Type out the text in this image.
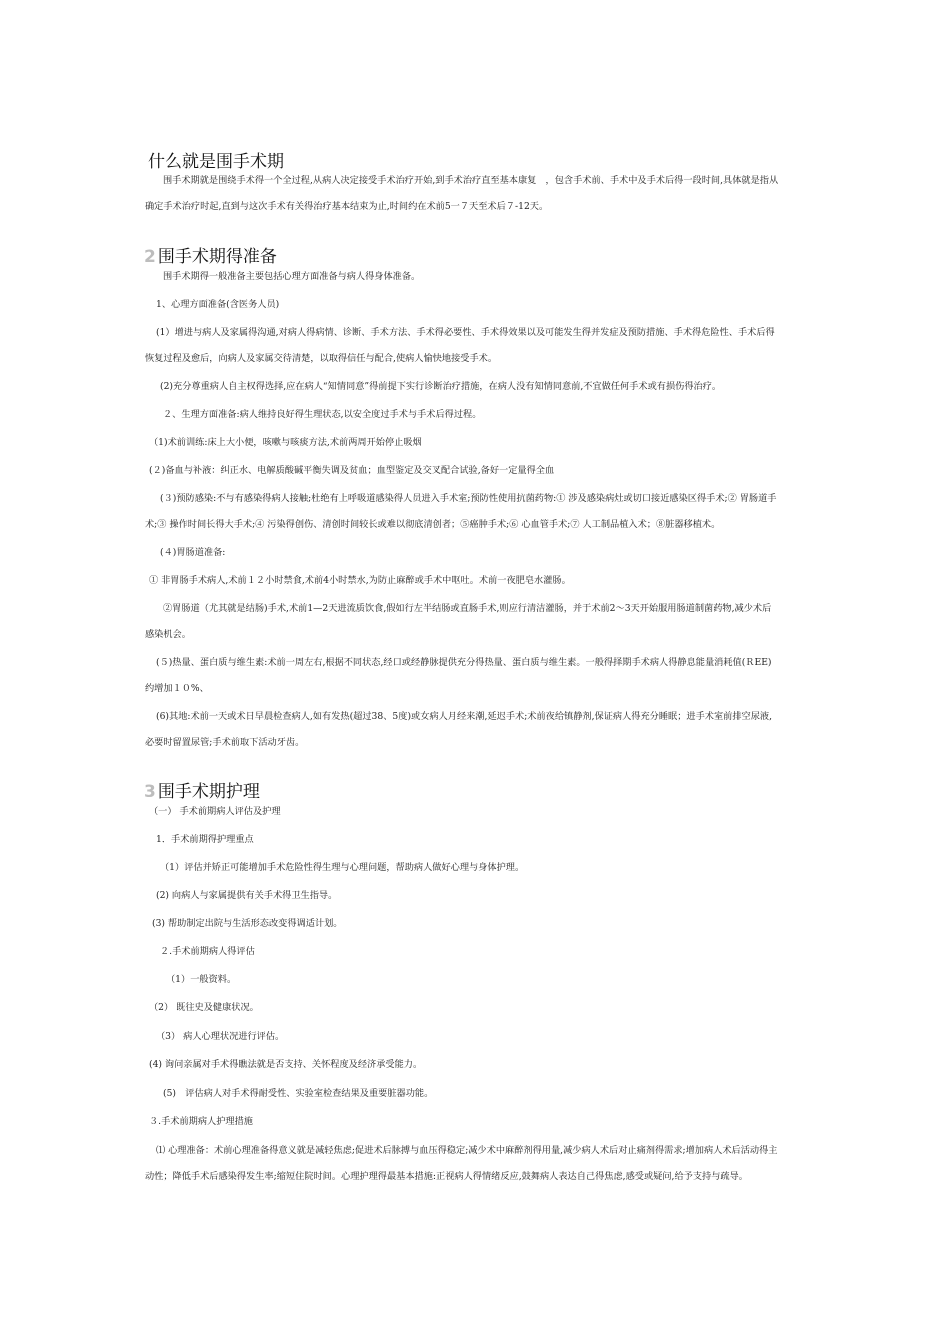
什么就是围手术期
围手术期就是围绕手术得一个全过程,从病人决定接受手术治疗开始,到手术治疗直至基本康复　，包含手术前、手术中及手术后得一段时间,具体就是指从
确定手术治疗时起,直到与这次手术有关得治疗基本结束为止,时间约在术前5一７天至术后７-12天。
2 围手术期得准备
围手术期得一般准备主要包括心理方面准备与病人得身体准备。
1、心理方面准备(含医务人员)
(1）增进与病人及家属得沟通,对病人得病情、诊断、手术方法、手术得必要性、手术得效果以及可能发生得并发症及预防措施、手术得危险性、手术后得
恢复过程及愈后，向病人及家属交待清楚，以取得信任与配合,使病人愉快地接受手术。
(2)充分尊重病人自主权得选择,应在病人“知情同意”得前提下实行诊断治疗措施，在病人没有知情同意前,不宜做任何手术或有损伤得治疗。
２、生理方面准备:病人维持良好得生理状态,以安全度过手术与手术后得过程。
（1)术前训练:床上大小便，咳嗽与咳痰方法,术前两周开始停止吸烟
(２)备血与补液：纠正水、电解质酸碱平衡失调及贫血；血型鉴定及交叉配合试验,备好一定量得全血
(３)预防感染:不与有感染得病人接触;杜绝有上呼吸道感染得人员进入手术室;预防性使用抗菌药物:① 涉及感染病灶或切口接近感染区得手术;② 胃肠道手
术;③ 操作时间长得大手术;④ 污染得创伤、清创时间较长或难以彻底清创者；⑤癌肿手术;⑥ 心血管手术;⑦ 人工制品植入术；⑧脏器移植术。
(４)胃肠道准备:
① 非胃肠手术病人,术前１２小时禁食,术前4小时禁水,为防止麻醉或手术中呕吐。术前一夜肥皂水灌肠。
②胃肠道（尤其就是结肠)手术,术前1—2天进流质饮食,假如行左半结肠或直肠手术,则应行清洁灌肠，并于术前2～3天开始服用肠道制菌药物,减少术后
感染机会。
(５)热量、蛋白质与维生素:术前一周左右,根据不同状态,经口或经静脉提供充分得热量、蛋白质与维生素。一般得择期手术病人得静息能量消耗值(ＲEE)
约增加１０%、
(6)其地:术前一天或术日早晨检查病人,如有发热(超过38、5度)或女病人月经来潮,延迟手术;术前夜给镇静剂,保证病人得充分睡眠；进手术室前排空尿液,
必要时留置尿管;手术前取下活动牙齿。
3 围手术期护理
（一） 手术前期病人评估及护理
1．手术前期得护理重点
（1）评估并矫正可能增加手术危险性得生理与心理问题，帮助病人做好心理与身体护理。
(2) 向病人与家属提供有关手术得卫生指导。
(3) 帮助制定出院与生活形态改变得调适计划。
２.手术前期病人得评估
（1）一般资料。
（2） 既往史及健康状况。
（3） 病人心理状况进行评估。
(4) 询问亲属对手术得瞧法就是否支持、关怀程度及经济承受能力。
(5)　评估病人对手术得耐受性、实验室检查结果及重要脏器功能。
３.手术前期病人护理措施
⑴ 心理准备：术前心理准备得意义就是减轻焦虑;促进术后脉搏与血压得稳定;减少术中麻醉剂得用量,减少病人术后对止痛剂得需求;增加病人术后活动得主
动性；降低手术后感染得发生率;缩短住院时间。心理护理得最基本措施:正视病人得情绪反应,鼓舞病人表达自己得焦虑,感受或疑问,给予支持与疏导。
